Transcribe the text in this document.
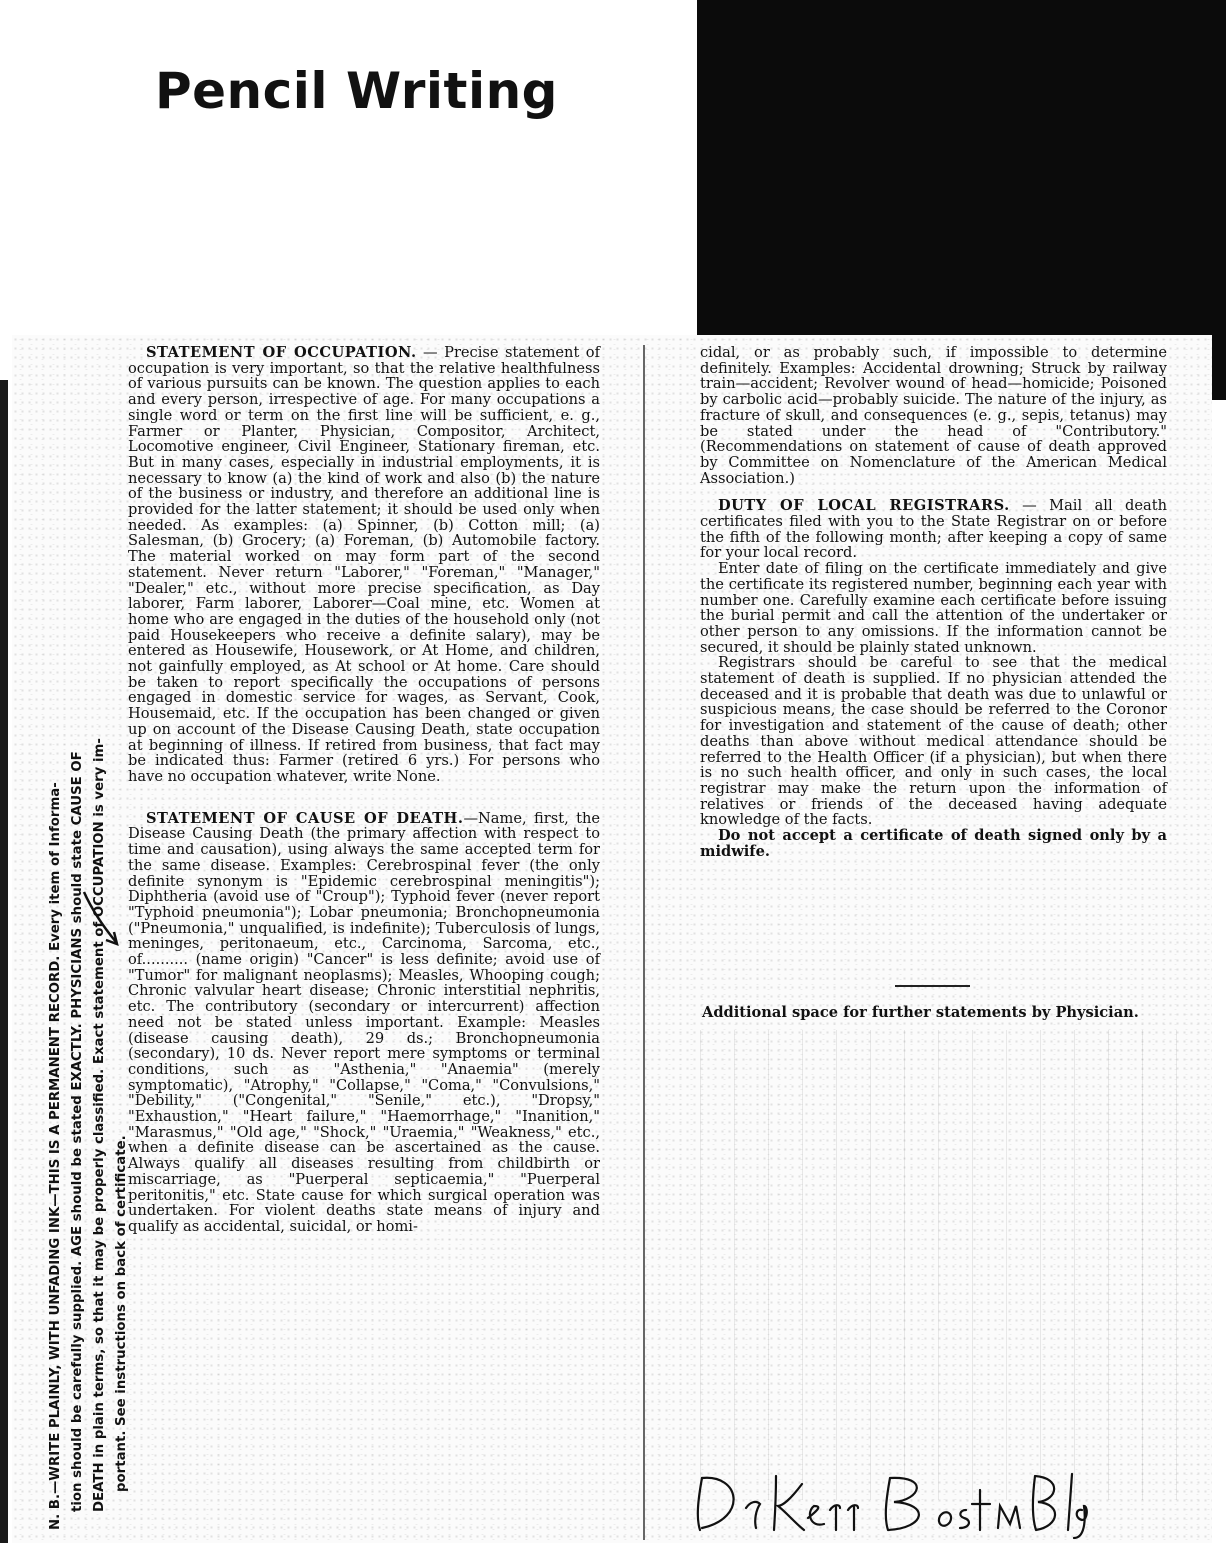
Pencil Writing

N. B.—WRITE PLAINLY, WITH UNFADING INK—THIS IS A PERMANENT RECORD. Every item of Informa- tion should be carefully supplied. AGE should be stated EXACTLY. PHYSICIANS should state CAUSE OF DEATH in plain terms, so that it may be properly classified. Exact statement of OCCUPATION is very im- portant. See instructions on back of certificate.

STATEMENT OF OCCUPATION. — Precise statement of occupation is very important, so that the relative healthfulness of various pursuits can be known. The question applies to each and every person, irrespective of age. For many occupations a single word or term on the first line will be sufficient, e. g., Farmer or Planter, Physician, Compositor, Architect, Locomotive engineer, Civil Engineer, Stationary fireman, etc. But in many cases, especially in industrial employments, it is necessary to know (a) the kind of work and also (b) the nature of the business or industry, and therefore an additional line is provided for the latter statement; it should be used only when needed. As examples: (a) Spinner, (b) Cotton mill; (a) Salesman, (b) Grocery; (a) Foreman, (b) Automobile factory. The material worked on may form part of the second statement. Never return "Laborer," "Foreman," "Manager," "Dealer," etc., without more precise specification, as Day laborer, Farm laborer, Laborer—Coal mine, etc. Women at home who are engaged in the duties of the household only (not paid Housekeepers who receive a definite salary), may be entered as Housewife, Housework, or At Home, and children, not gainfully employed, as At school or At home. Care should be taken to report specifically the occupations of persons engaged in domestic service for wages, as Servant, Cook, Housemaid, etc. If the occupation has been changed or given up on account of the Disease Causing Death, state occupation at beginning of illness. If retired from business, that fact may be indicated thus: Farmer (retired 6 yrs.) For persons who have no occupation whatever, write None.

STATEMENT OF CAUSE OF DEATH.—Name, first, the Disease Causing Death (the primary affection with respect to time and causation), using always the same accepted term for the same disease. Examples: Cerebrospinal fever (the only definite synonym is "Epidemic cerebrospinal meningitis"); Diphtheria (avoid use of "Croup"); Typhoid fever (never report "Typhoid pneumonia"); Lobar pneumonia; Bronchopneumonia ("Pneumonia," unqualified, is indefinite); Tuberculosis of lungs, meninges, peritonaeum, etc., Carcinoma, Sarcoma, etc., of.......... (name origin) "Cancer" is less definite; avoid use of "Tumor" for malignant neoplasms); Measles, Whooping cough; Chronic valvular heart disease; Chronic interstitial nephritis, etc. The contributory (secondary or intercurrent) affection need not be stated unless important. Example: Measles (disease causing death), 29 ds.; Bronchopneumonia (secondary), 10 ds. Never report mere symptoms or terminal conditions, such as "Asthenia," "Anaemia" (merely symptomatic), "Atrophy," "Collapse," "Coma," "Convulsions," "Debility," ("Congenital," "Senile," etc.), "Dropsy," "Exhaustion," "Heart failure," "Haemorrhage," "Inanition," "Marasmus," "Old age," "Shock," "Uraemia," "Weakness," etc., when a definite disease can be ascertained as the cause. Always qualify all diseases resulting from childbirth or miscarriage, as "Puerperal septicaemia," "Puerperal peritonitis," etc. State cause for which surgical operation was undertaken. For violent deaths state means of injury and qualify as accidental, suicidal, or homi-

cidal, or as probably such, if impossible to determine definitely. Examples: Accidental drowning; Struck by railway train—accident; Revolver wound of head—homicide; Poisoned by carbolic acid—probably suicide. The nature of the injury, as fracture of skull, and consequences (e. g., sepis, tetanus) may be stated under the head of "Contributory." (Recommendations on statement of cause of death approved by Committee on Nomenclature of the American Medical Association.)

DUTY OF LOCAL REGISTRARS. — Mail all death certificates filed with you to the State Registrar on or before the fifth of the following month; after keeping a copy of same for your local record.

Enter date of filing on the certificate immediately and give the certificate its registered number, beginning each year with number one. Carefully examine each certificate before issuing the burial permit and call the attention of the undertaker or other person to any omissions. If the information cannot be secured, it should be plainly stated unknown.

Registrars should be careful to see that the medical statement of death is supplied. If no physician attended the deceased and it is probable that death was due to unlawful or suspicious means, the case should be referred to the Coronor for investigation and statement of the cause of death; other deaths than above without medical attendance should be referred to the Health Officer (if a physician), but when there is no such health officer, and only in such cases, the local registrar may make the return upon the information of relatives or friends of the deceased having adequate knowledge of the facts.

Do not accept a certificate of death signed only by a midwife.

Additional space for further statements by Physician.
